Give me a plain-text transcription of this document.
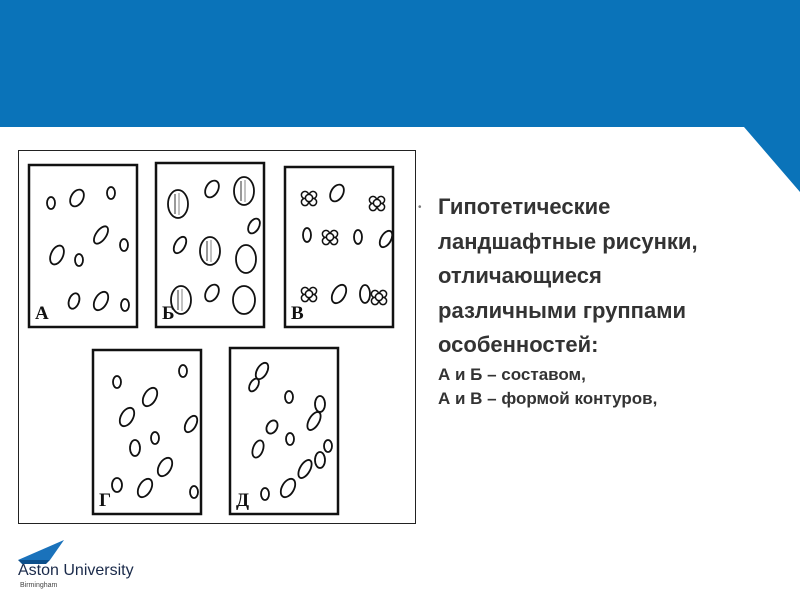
А	Б	В
Г	Д
• Гипотетические
ландшафтные рисунки,
отличающиеся
различными группами
особенностей:

А и Б – составом,
А и В – формой контуров,
Aston University
Birmingham
